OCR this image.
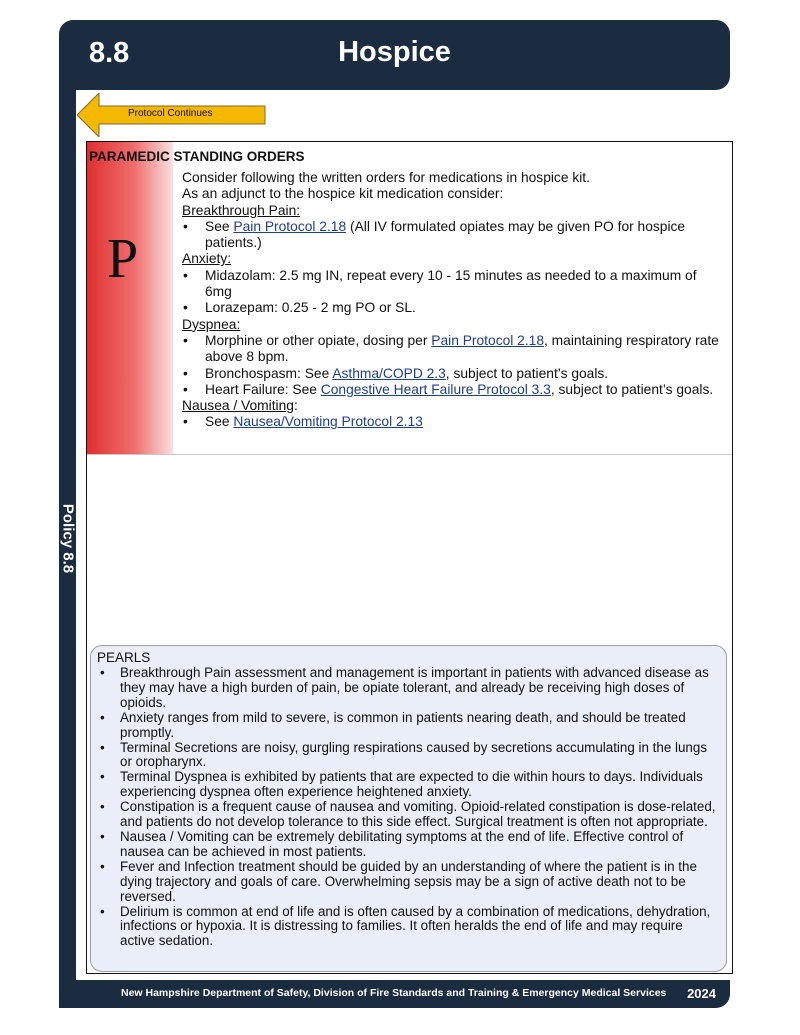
8.8	Hospice
Policy 8.8
Protocol Continues
PARAMEDIC STANDING ORDERS
P

Consider following the written orders for medications in hospice kit.

As an adjunct to the hospice kit medication consider:

Breakthrough Pain:

• See Pain Protocol 2.18 (All IV formulated opiates may be given PO for hospice patients.)

Anxiety:

• Midazolam: 2.5 mg IN, repeat every 10 - 15 minutes as needed to a maximum of 6mg

• Lorazepam: 0.25 - 2 mg PO or SL.

Dyspnea:

• Morphine or other opiate, dosing per Pain Protocol 2.18, maintaining respiratory rate above 8 bpm.

• Bronchospasm: See Asthma/COPD 2.3, subject to patient’s goals.

• Heart Failure: See Congestive Heart Failure Protocol 3.3, subject to patient’s goals.

Nausea / Vomiting:

• See Nausea/Vomiting Protocol 2.13

PEARLS
• Breakthrough Pain assessment and management is important in patients with advanced disease as they may have a high burden of pain, be opiate tolerant, and already be receiving high doses of opioids.
• Anxiety ranges from mild to severe, is common in patients nearing death, and should be treated promptly.
• Terminal Secretions are noisy, gurgling respirations caused by secretions accumulating in the lungs or oropharynx.
• Terminal Dyspnea is exhibited by patients that are expected to die within hours to days. Individuals experiencing dyspnea often experience heightened anxiety.
• Constipation is a frequent cause of nausea and vomiting. Opioid-related constipation is dose-related, and patients do not develop tolerance to this side effect. Surgical treatment is often not appropriate.
• Nausea / Vomiting can be extremely debilitating symptoms at the end of life. Effective control of nausea can be achieved in most patients.
• Fever and Infection treatment should be guided by an understanding of where the patient is in the dying trajectory and goals of care. Overwhelming sepsis may be a sign of active death not to be reversed.
• Delirium is common at end of life and is often caused by a combination of medications, dehydration, infections or hypoxia. It is distressing to families. It often heralds the end of life and may require active sedation.
New Hampshire Department of Safety, Division of Fire Standards and Training & Emergency Medical Services 2024
